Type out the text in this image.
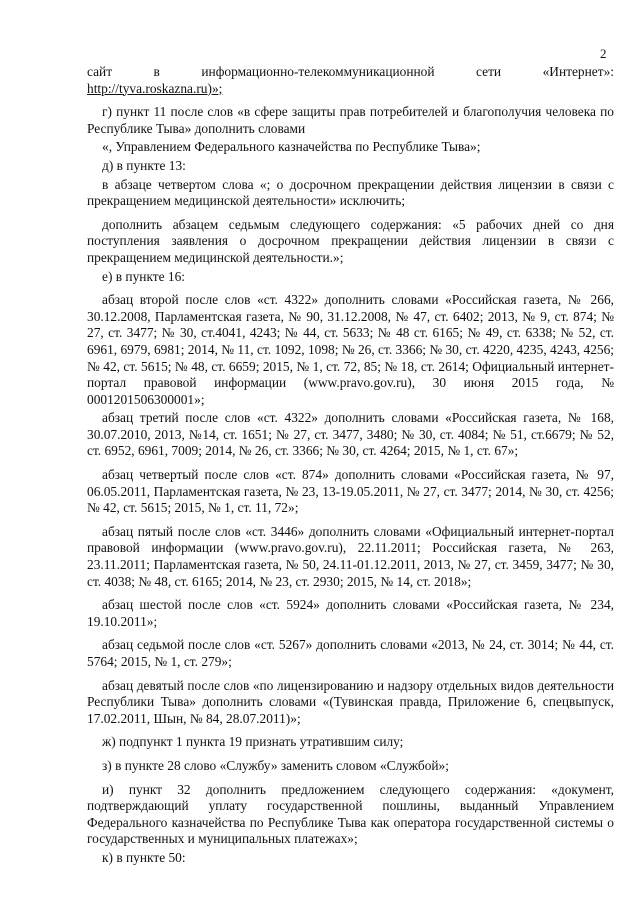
2

сайт в информационно-телекоммуникационной сети «Интернет»:

http://tyva.roskazna.ru)»;

г) пункт 11 после слов «в сфере защиты прав потребителей и благополучия человека по Республике Тыва» дополнить словами

«, Управлением Федерального казначейства по Республике Тыва»;

д) в пункте 13:

в абзаце четвертом слова «; о досрочном прекращении действия лицензии в связи с прекращением медицинской деятельности» исключить;

дополнить абзацем седьмым следующего содержания: «5 рабочих дней со дня поступления заявления о досрочном прекращении действия лицензии в связи с прекращением медицинской деятельности.»;

е) в пункте 16:

абзац второй после слов «ст. 4322» дополнить словами «Российская газета, № 266, 30.12.2008, Парламентская газета, № 90, 31.12.2008, № 47, ст. 6402; 2013, № 9, ст. 874; № 27, ст. 3477; № 30, ст.4041, 4243; № 44, ст. 5633; № 48 ст. 6165; № 49, ст. 6338; № 52, ст. 6961, 6979, 6981; 2014, № 11, ст. 1092, 1098; № 26, ст. 3366; № 30, ст. 4220, 4235, 4243, 4256; № 42, ст. 5615; № 48, ст. 6659; 2015, № 1, ст. 72, 85; № 18, ст. 2614; Официальный интернет-портал правовой информации (www.pravo.gov.ru), 30 июня 2015 года, № 0001201506300001»;

абзац третий после слов «ст. 4322» дополнить словами «Российская газета, № 168, 30.07.2010, 2013, №14, ст. 1651; № 27, ст. 3477, 3480; № 30, ст. 4084; № 51, ст.6679; № 52, ст. 6952, 6961, 7009; 2014, № 26, ст. 3366; № 30, ст. 4264; 2015, № 1, ст. 67»;

абзац четвертый после слов «ст. 874» дополнить словами «Российская газета, № 97, 06.05.2011, Парламентская газета, № 23, 13-19.05.2011, № 27, ст. 3477; 2014, № 30, ст. 4256; № 42, ст. 5615; 2015, № 1, ст. 11, 72»;

абзац пятый после слов «ст. 3446» дополнить словами «Официальный интернет-портал правовой информации (www.pravo.gov.ru), 22.11.2011; Российская газета, № 263, 23.11.2011; Парламентская газета, № 50, 24.11-01.12.2011, 2013, № 27, ст. 3459, 3477; № 30, ст. 4038; № 48, ст. 6165; 2014, № 23, ст. 2930; 2015, № 14, ст. 2018»;

абзац шестой после слов «ст. 5924» дополнить словами «Российская газета, № 234, 19.10.2011»;

абзац седьмой после слов «ст. 5267» дополнить словами «2013, № 24, ст. 3014; № 44, ст. 5764; 2015, № 1, ст. 279»;

абзац девятый после слов «по лицензированию и надзору отдельных видов деятельности Республики Тыва» дополнить словами «(Тувинская правда, Приложение 6, спецвыпуск, 17.02.2011, Шын, № 84, 28.07.2011)»;

ж) подпункт 1 пункта 19 признать утратившим силу;

з) в пункте 28 слово «Службу» заменить словом «Службой»;

и) пункт 32 дополнить предложением следующего содержания: «документ, подтверждающий уплату государственной пошлины, выданный Управлением Федерального казначейства по Республике Тыва как оператора государственной системы о государственных и муниципальных платежах»;

к) в пункте 50:
